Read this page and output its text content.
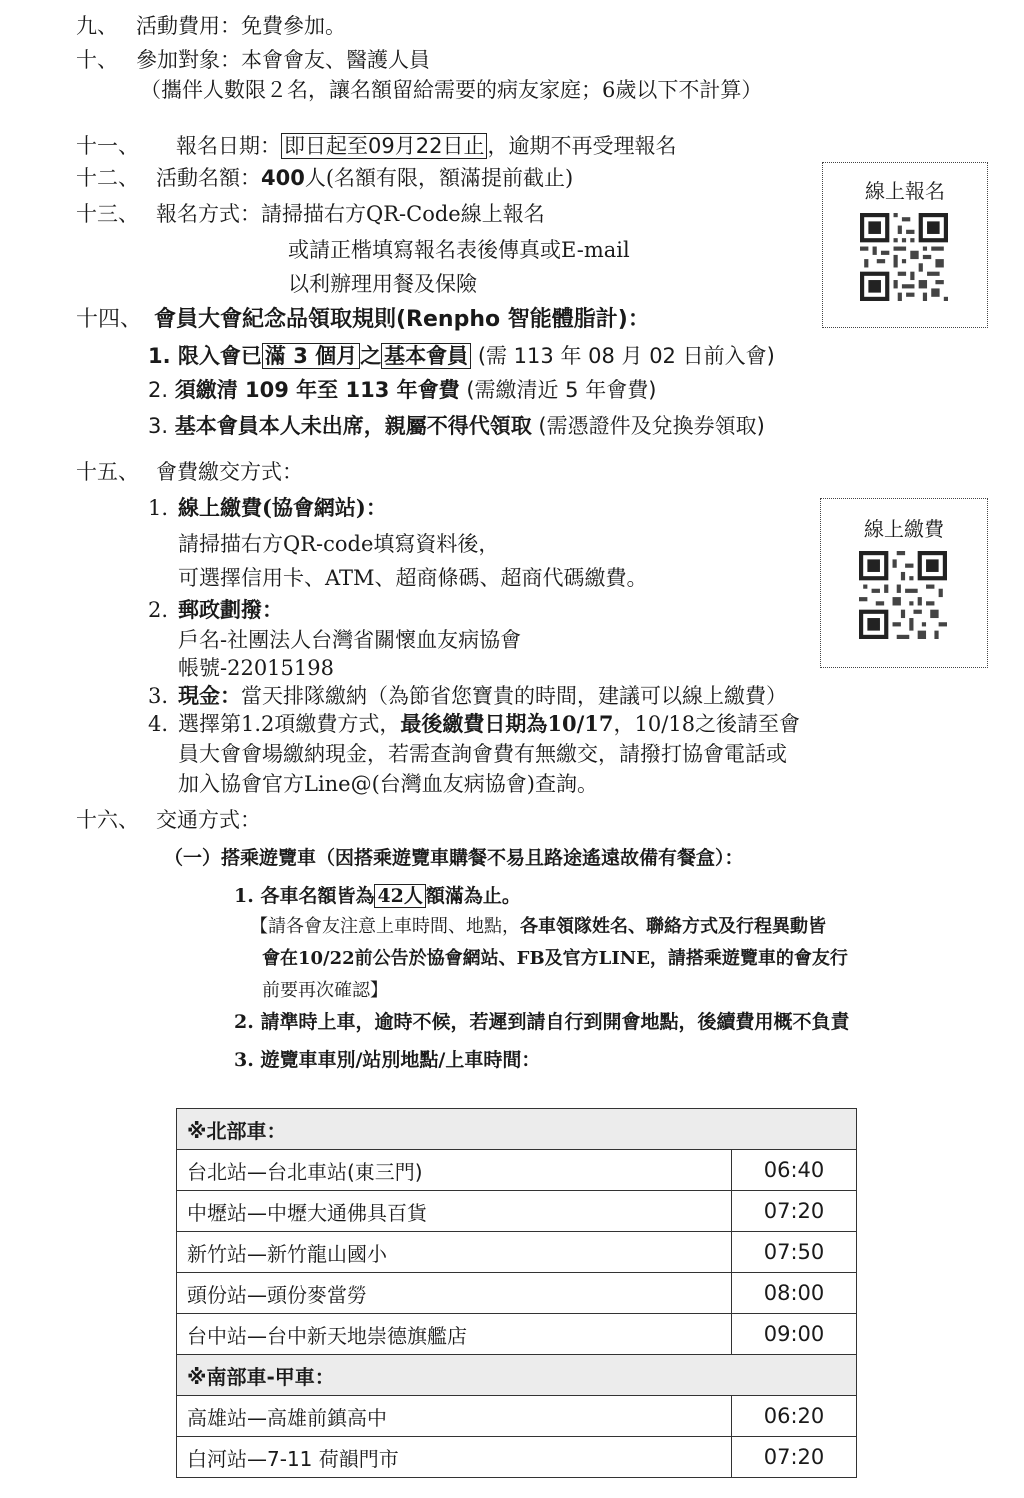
九、 活動費用：免費參加。
十、 參加對象：本會會友、醫護人員
（攜伴人數限２名，讓名額留給需要的病友家庭；6歲以下不計算）
十一、 報名日期： 即日起至09月22日止 ，逾期不再受理報名
十二、 活動名額：400人(名額有限，額滿提前截止)
十三、 報名方式：請掃描右方QR-Code線上報名
或請正楷填寫報名表後傳真或E-mail
以利辦理用餐及保險
線上報名
十四、 會員大會紀念品領取規則(Renpho 智能體脂計)：
1. 限入會已 滿 3 個月 之 基本會員 (需 113 年 08 月 02 日前入會)
2. 須繳清 109 年至 113 年會費 (需繳清近 5 年會費)
3. 基本會員本人未出席，親屬不得代領取 (需憑證件及兌換券領取)
十五、 會費繳交方式：
1. 線上繳費(協會網站)：
請掃描右方QR-code填寫資料後，
可選擇信用卡、ATM、超商條碼、超商代碼繳費。
2. 郵政劃撥：
戶名-社團法人台灣省關懷血友病協會
帳號-22015198
3. 現金：當天排隊繳納（為節省您寶貴的時間，建議可以線上繳費）
4. 選擇第1.2項繳費方式，最後繳費日期為10/17，10/18之後請至會
員大會會場繳納現金，若需查詢會費有無繳交，請撥打協會電話或
加入協會官方Line@(台灣血友病協會)查詢。
線上繳費
十六、 交通方式：
（一）搭乘遊覽車（因搭乘遊覽車購餐不易且路途遙遠故備有餐盒）：
1. 各車名額皆為 42人 額滿為止。
【請各會友注意上車時間、地點，各車領隊姓名、聯絡方式及行程異動皆
會在10/22前公告於協會網站、FB及官方LINE，請搭乘遊覽車的會友行
前要再次確認】
2. 請準時上車，逾時不候，若遲到請自行到開會地點，後續費用概不負責
3. 遊覽車車別/站別地點/上車時間：
※北部車：	
台北站—台北車站(東三門)	06:40
中壢站—中壢大通佛具百貨	07:20
新竹站—新竹龍山國小	07:50
頭份站—頭份麥當勞	08:00
台中站—台中新天地崇德旗艦店	09:00
※南部車-甲車：	
高雄站—高雄前鎮高中	06:20
白河站—7-11 荷韻門市	07:20
